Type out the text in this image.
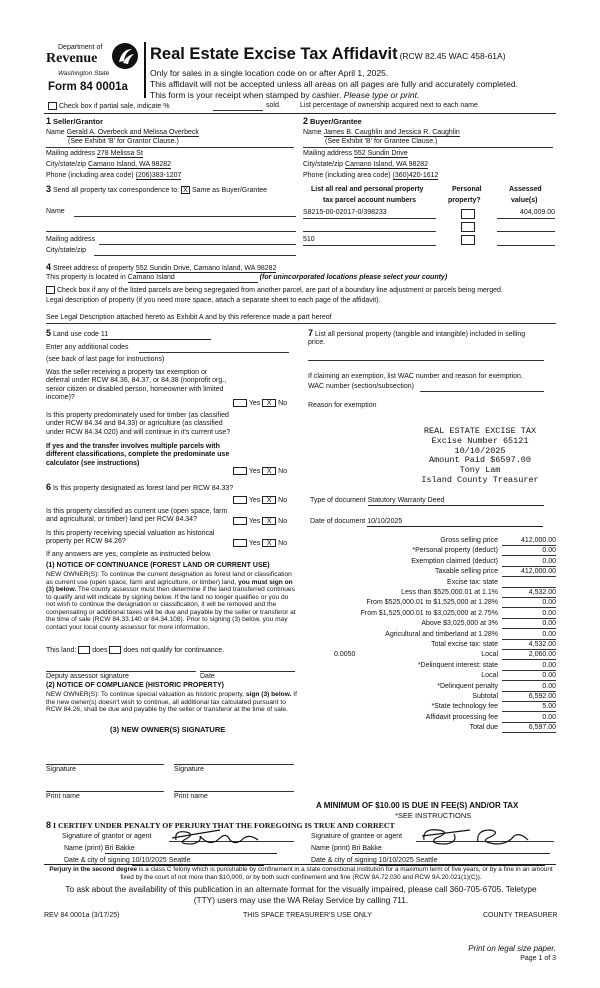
Department of
Revenue
Washington State
Form 84 0001a
Real Estate Excise Tax Affidavit (RCW 82.45 WAC 458-61A)
Only for sales in a single location code on or after April 1, 2025.
This affidavit will not be accepted unless all areas on all pages are fully and accurately completed.
This form is your receipt when stamped by cashier. Please type or print.
Check box if partial sale, indicate %	sold.	List percentage of ownership acquired next to each name.
1 Seller/Grantor
Name Gerald A. Overbeck and Melissa Overbeck
(See Exhibit 'B' for Grantor Clause.)
Mailing address 278 Melissa St
City/state/zip Camano Island, WA 98282
Phone (including area code) (206)383-1207
2 Buyer/Grantee
Name James B. Caughlin and Jessica R. Caughlin
(See Exhibit 'B' for Grantee Clause.)
Mailing address 552 Sundin Drive
City/state/zip Camano Island, WA 98282
Phone (including area code) (360)420-1612
3 Send all property tax correspondence to: X Same as Buyer/Grantee
Name
Mailing address
City/state/zip
List all real and personal property
tax parcel account numbers
Personal
property?
Assessed
value(s)
S8215-00-02017-0/398233	404,009.00
510
4 Street address of property 552 Sundin Drive, Camano Island, WA 98282
This property is located in Camano Island	(for unincorporated locations please select your county)
Check box if any of the listed parcels are being segregated from another parcel, are part of a boundary line adjustment or parcels being merged.
Legal description of property (if you need more space, attach a separate sheet to each page of the affidavit).
See Legal Description attached hereto as Exhibit A and by this reference made a part hereof
5 Land use code 11
Enter any additional codes
(see back of last page for instructions)
Was the seller receiving a property tax exemption or deferral under RCW 84.36, 84.37, or 84.38 (nonprofit org., senior citizen or disabled person, homeowner with limited income)?
Yes X No
Is this property predominately used for timber (as classified under RCW 84.34 and 84.33) or agriculture (as classified under RCW 84.34.020) and will continue in it's current use?
If yes and the transfer involves multiple parcels with different classifications, complete the predominate use calculator (see instructions)
Yes X No
7 List all personal property (tangible and intangible) included in selling price.
If claiming an exemption, list WAC number and reason for exemption.
WAC number (section/subsection)
Reason for exemption
REAL ESTATE EXCISE TAX
Excise Number 65121
10/10/2025
Amount Paid $6597.00
Tony Lam
Island County Treasurer
6 Is this property designated as forest land per RCW 84.33?
Yes X No
Is this property classified as current use (open space, farm and agricultural, or timber) land per RCW 84.34?	Yes X No
Is this property receiving special valuation as historical property per RCW 84.26?	Yes X No
If any answers are yes, complete as instructed below.
(1) NOTICE OF CONTINUANCE (FOREST LAND OR CURRENT USE)
NEW OWNER(S): To continue the current designation as forest land or classification as current use (open space, farm and agriculture, or timber) land, you must sign on (3) below. The county assessor must then determine if the land transferred continues to qualify and will indicate by signing below. If the land no longer qualifies or you do not wish to continue the designation or classification, it will be removed and the compensating or additional taxes will be due and payable by the seller or transferor at the time of sale (RCW 84.33.140 or 84.34.108). Prior to signing (3) below, you may contact your local county assessor for more information.
This land: does does not qualify for continuance.
Deputy assessor signature	Date
(2) NOTICE OF COMPLIANCE (HISTORIC PROPERTY)
NEW OWNER(S): To continue special valuation as historic property, sign (3) below. If the new owner(s) doesn't wish to continue, all additional tax calculated pursuant to RCW 84.26, shall be due and payable by the seller or transferor at the time of sale.
(3) NEW OWNER(S) SIGNATURE
Signature	Signature
Print name	Print name
Type of document Statutory Warranty Deed
Date of document 10/10/2025
Gross selling price	412,000.00
*Personal property (deduct)	0.00
Exemption claimed (deduct)	0.00
Taxable selling price	412,000.00
Excise tax: state
Less than $525,000.01 at 1.1%	4,532.00
From $525,000.01 to $1,525,000 at 1.28%	0.00
From $1,525,000.01 to $3,025,000 at 2.75%	0.00
Above $3,025,000 at 3%	0.00
Agricultural and timberland at 1.28%	0.00
Total excise tax: state	4,532.00
Local
0.0050	2,060.00
*Delinquent interest: state	0.00
Local	0.00
*Delinquent penalty	0.00
Subtotal	6,592.00
*State technology fee	5.00
Affidavit processing fee	0.00
Total due	6,597.00
A MINIMUM OF $10.00 IS DUE IN FEE(S) AND/OR TAX
*SEE INSTRUCTIONS
8 I CERTIFY UNDER PENALTY OF PERJURY THAT THE FOREGOING IS TRUE AND CORRECT
Signature of grantor or agent
Name (print) Bri Bakke
Date & city of signing 10/10/2025 Seattle
Signature of grantee or agent
Name (print) Bri Bakke
Date & city of signing 10/10/2025 Seattle
Perjury in the second degree is a class C felony which is punishable by confinement in a state correctional institution for a maximum term of five years, or by a fine in an amount fixed by the court of not more than $10,000, or by both such confinement and fine (RCW 9A.72.030 and RCW 9A.20.021(1)(C)).
To ask about the availability of this publication in an alternate format for the visually impaired, please call 360-705-6705. Teletype
(TTY) users may use the WA Relay Service by calling 711.
REV 84 0001a (3/17/25)	THIS SPACE TREASURER'S USE ONLY	COUNTY TREASURER
Print on legal size paper.
Page 1 of 3
